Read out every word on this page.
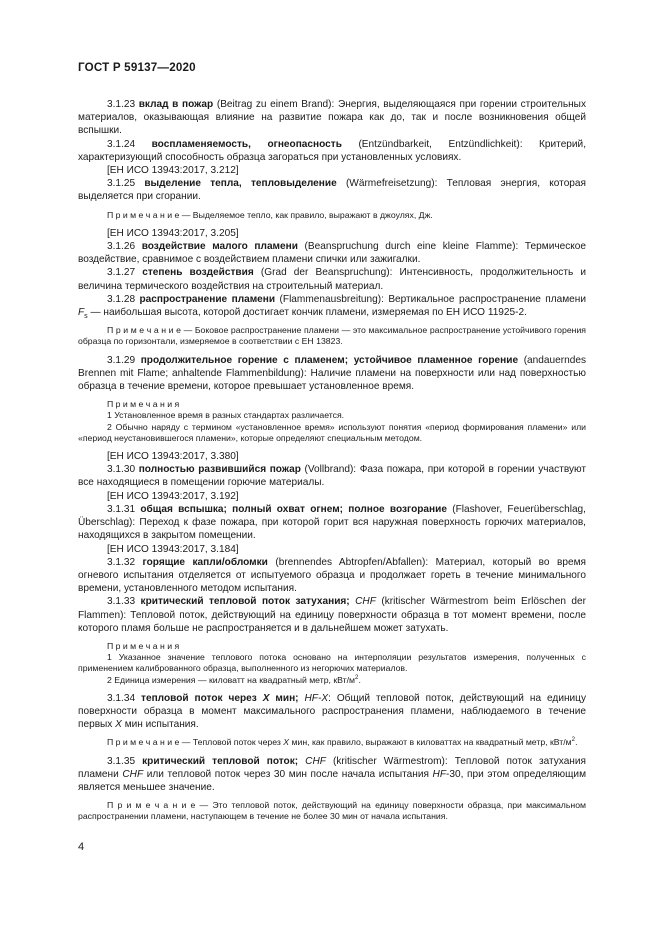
ГОСТ Р 59137—2020

3.1.23 вклад в пожар (Beitrag zu einem Brand): Энергия, выделяющаяся при горении строительных материалов, оказывающая влияние на развитие пожара как до, так и после возникновения общей вспышки.

3.1.24 воспламеняемость, огнеопасность (Entzündbarkeit, Entzündlichkeit): Критерий, характеризующий способность образца загораться при установленных условиях.

[ЕН ИСО 13943:2017, 3.212]

3.1.25 выделение тепла, тепловыделение (Wärmefreisetzung): Тепловая энергия, которая выделяется при сгорании.

П р и м е ч а н и е — Выделяемое тепло, как правило, выражают в джоулях, Дж.

[ЕН ИСО 13943:2017, 3.205]

3.1.26 воздействие малого пламени (Beanspruchung durch eine kleine Flamme): Термическое воздействие, сравнимое с воздействием пламени спички или зажигалки.

3.1.27 степень воздействия (Grad der Beanspruchung): Интенсивность, продолжительность и величина термического воздействия на строительный материал.

3.1.28 распространение пламени (Flammenausbreitung): Вертикальное распространение пламени $F_s$ — наибольшая высота, которой достигает кончик пламени, измеряемая по ЕН ИСО 11925-2.

П р и м е ч а н и е — Боковое распространение пламени — это максимальное распространение устойчивого горения образца по горизонтали, измеряемое в соответствии с ЕН 13823.

3.1.29 продолжительное горение с пламенем; устойчивое пламенное горение (andauerndes Brennen mit Flame; anhaltende Flammenbildung): Наличие пламени на поверхности или над поверхностью образца в течение времени, которое превышает установленное время.

П р и м е ч а н и я

1 Установленное время в разных стандартах различается.

2 Обычно наряду с термином «установленное время» используют понятия «период формирования пламени» или «период неустановившегося пламени», которые определяют специальным методом.

[ЕН ИСО 13943:2017, 3.380]

3.1.30 полностью развившийся пожар (Vollbrand): Фаза пожара, при которой в горении участвуют все находящиеся в помещении горючие материалы.

[ЕН ИСО 13943:2017, 3.192]

3.1.31 общая вспышка; полный охват огнем; полное возгорание (Flashover, Feuerüberschlag, Überschlag): Переход к фазе пожара, при которой горит вся наружная поверхность горючих материалов, находящихся в закрытом помещении.

[ЕН ИСО 13943:2017, 3.184]

3.1.32 горящие капли/обломки (brennendes Abtropfen/Abfallen): Материал, который во время огневого испытания отделяется от испытуемого образца и продолжает гореть в течение минимального времени, установленного методом испытания.

3.1.33 критический тепловой поток затухания; CHF (kritischer Wärmestrom beim Erlöschen der Flammen): Тепловой поток, действующий на единицу поверхности образца в тот момент времени, после которого пламя больше не распространяется и в дальнейшем может затухать.

П р и м е ч а н и я

1 Указанное значение теплового потока основано на интерполяции результатов измерения, полученных с применением калиброванного образца, выполненного из негорючих материалов.

2 Единица измерения — киловатт на квадратный метр, кВт/$м^2$.

3.1.34 тепловой поток через X мин; HF-X: Общий тепловой поток, действующий на единицу поверхности образца в момент максимального распространения пламени, наблюдаемого в течение первых X мин испытания.

П р и м е ч а н и е — Тепловой поток через X мин, как правило, выражают в киловаттах на квадратный метр, кВт/$м^2$.

3.1.35 критический тепловой поток; CHF (kritischer Wärmestrom): Тепловой поток затухания пламени CHF или тепловой поток через 30 мин после начала испытания HF-30, при этом определяющим является меньшее значение.

П р и м е ч а н и е — Это тепловой поток, действующий на единицу поверхности образца, при максимальном распространении пламени, наступающем в течение не более 30 мин от начала испытания.

4
